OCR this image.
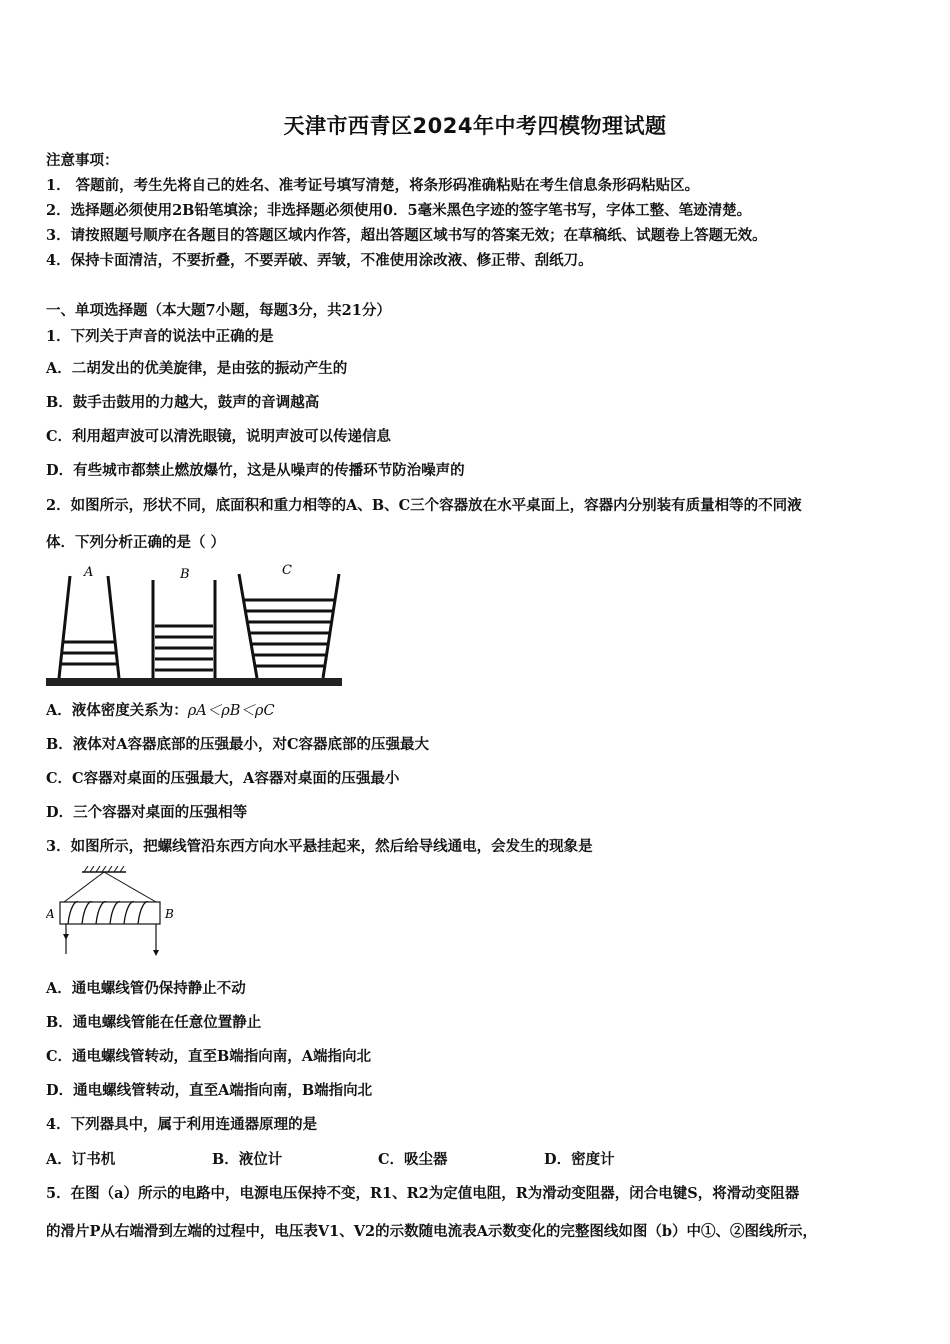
天津市西青区2024年中考四模物理试题
注意事项：
1． 答题前，考生先将自己的姓名、准考证号填写清楚，将条形码准确粘贴在考生信息条形码粘贴区。
2．选择题必须使用2B铅笔填涂；非选择题必须使用0．5毫米黑色字迹的签字笔书写，字体工整、笔迹清楚。
3．请按照题号顺序在各题目的答题区域内作答，超出答题区域书写的答案无效；在草稿纸、试题卷上答题无效。
4．保持卡面清洁，不要折叠，不要弄破、弄皱，不准使用涂改液、修正带、刮纸刀。
一、单项选择题（本大题7小题，每题3分，共21分）
1．下列关于声音的说法中正确的是
A．二胡发出的优美旋律，是由弦的振动产生的
B．鼓手击鼓用的力越大，鼓声的音调越高
C．利用超声波可以清洗眼镜，说明声波可以传递信息
D．有些城市都禁止燃放爆竹，这是从噪声的传播环节防治噪声的
2．如图所示，形状不同，底面积和重力相等的A、B、C三个容器放在水平桌面上，容器内分别装有质量相等的不同液
体．下列分析正确的是（ ）
A	B	C
A．液体密度关系为：ρA＜ρB＜ρC
B．液体对A容器底部的压强最小，对C容器底部的压强最大
C．C容器对桌面的压强最大，A容器对桌面的压强最小
D．三个容器对桌面的压强相等
3．如图所示，把螺线管沿东西方向水平悬挂起来，然后给导线通电，会发生的现象是
A	B
A．通电螺线管仍保持静止不动
B．通电螺线管能在任意位置静止
C．通电螺线管转动，直至B端指向南，A端指向北
D．通电螺线管转动，直至A端指向南，B端指向北
4．下列器具中，属于利用连通器原理的是
A．订书机	B．液位计	C．吸尘器	D．密度计
5．在图（a）所示的电路中，电源电压保持不变，R1、R2为定值电阻，R为滑动变阻器，闭合电键S，将滑动变阻器
的滑片P从右端滑到左端的过程中，电压表V1、V2的示数随电流表A示数变化的完整图线如图（b）中①、②图线所示，
